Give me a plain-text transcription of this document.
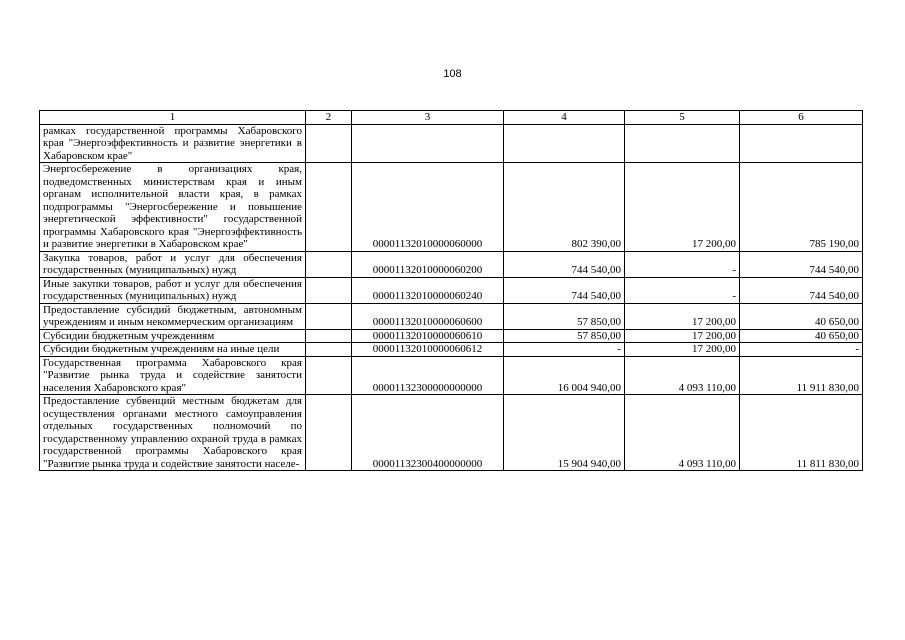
108
1	2	3	4	5	6
рамках государственной программы Хабаровского края "Энергоэффективность и развитие энергетики в Хабаровском крае"					
Энергосбережение в организациях края, подведомственных министерствам края и иным органам исполнительной власти края, в рамках подпрограммы "Энергосбережение и повышение энергетической эффективности" государственной программы Хабаровского края "Энергоэффективность и развитие энергетики в Хабаровском крае"		00001132010000060000	802 390,00	17 200,00	785 190,00
Закупка товаров, работ и услуг для обеспечения государственных (муниципальных) нужд		00001132010000060200	744 540,00	-	744 540,00
Иные закупки товаров, работ и услуг для обеспечения государственных (муниципальных) нужд		00001132010000060240	744 540,00	-	744 540,00
Предоставление субсидий бюджетным, автономным учреждениям и иным некоммерческим организациям		00001132010000060600	57 850,00	17 200,00	40 650,00
Субсидии бюджетным учреждениям		00001132010000060610	57 850,00	17 200,00	40 650,00
Субсидии бюджетным учреждениям на иные цели		00001132010000060612	-	17 200,00	-
Государственная программа Хабаровского края "Развитие рынка труда и содействие занятости населения Хабаровского края"		00001132300000000000	16 004 940,00	4 093 110,00	11 911 830,00
Предоставление субвенций местным бюджетам для осуществления органами местного самоуправления отдельных государственных полномочий по государственному управлению охраной труда в рамках государственной программы Хабаровского края "Развитие рынка труда и содействие занятости населе-		00001132300400000000	15 904 940,00	4 093 110,00	11 811 830,00
